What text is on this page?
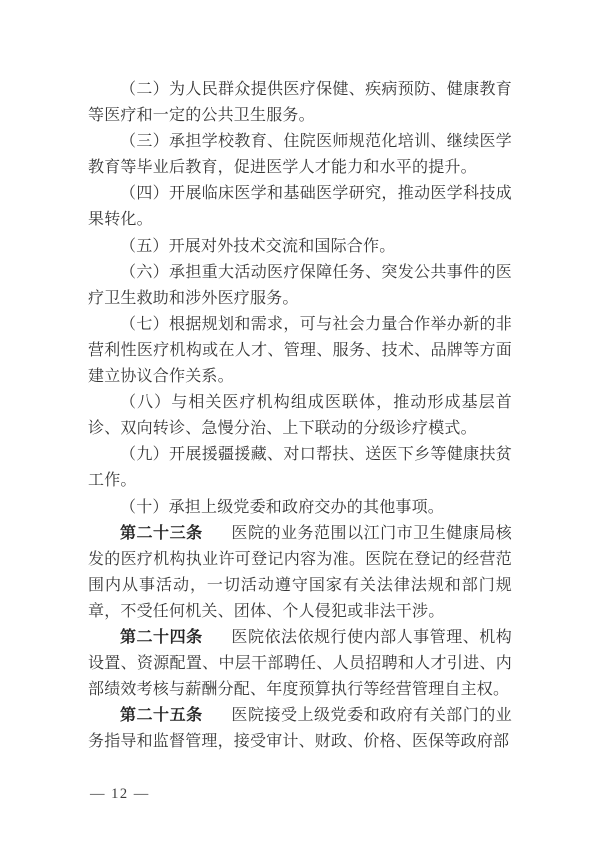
（二）为人民群众提供医疗保健、疾病预防、健康教育等医疗和一定的公共卫生服务。

（三）承担学校教育、住院医师规范化培训、继续医学教育等毕业后教育，促进医学人才能力和水平的提升。

（四）开展临床医学和基础医学研究，推动医学科技成果转化。

（五）开展对外技术交流和国际合作。

（六）承担重大活动医疗保障任务、突发公共事件的医疗卫生救助和涉外医疗服务。

（七）根据规划和需求，可与社会力量合作举办新的非营利性医疗机构或在人才、管理、服务、技术、品牌等方面建立协议合作关系。

（八）与相关医疗机构组成医联体，推动形成基层首诊、双向转诊、急慢分治、上下联动的分级诊疗模式。

（九）开展援疆援藏、对口帮扶、送医下乡等健康扶贫工作。

（十）承担上级党委和政府交办的其他事项。

第二十三条 医院的业务范围以江门市卫生健康局核发的医疗机构执业许可登记内容为准。医院在登记的经营范围内从事活动，一切活动遵守国家有关法律法规和部门规章，不受任何机关、团体、个人侵犯或非法干涉。

第二十四条 医院依法依规行使内部人事管理、机构设置、资源配置、中层干部聘任、人员招聘和人才引进、内部绩效考核与薪酬分配、年度预算执行等经营管理自主权。

第二十五条 医院接受上级党委和政府有关部门的业务指导和监督管理，接受审计、财政、价格、医保等政府部

— 12 —
